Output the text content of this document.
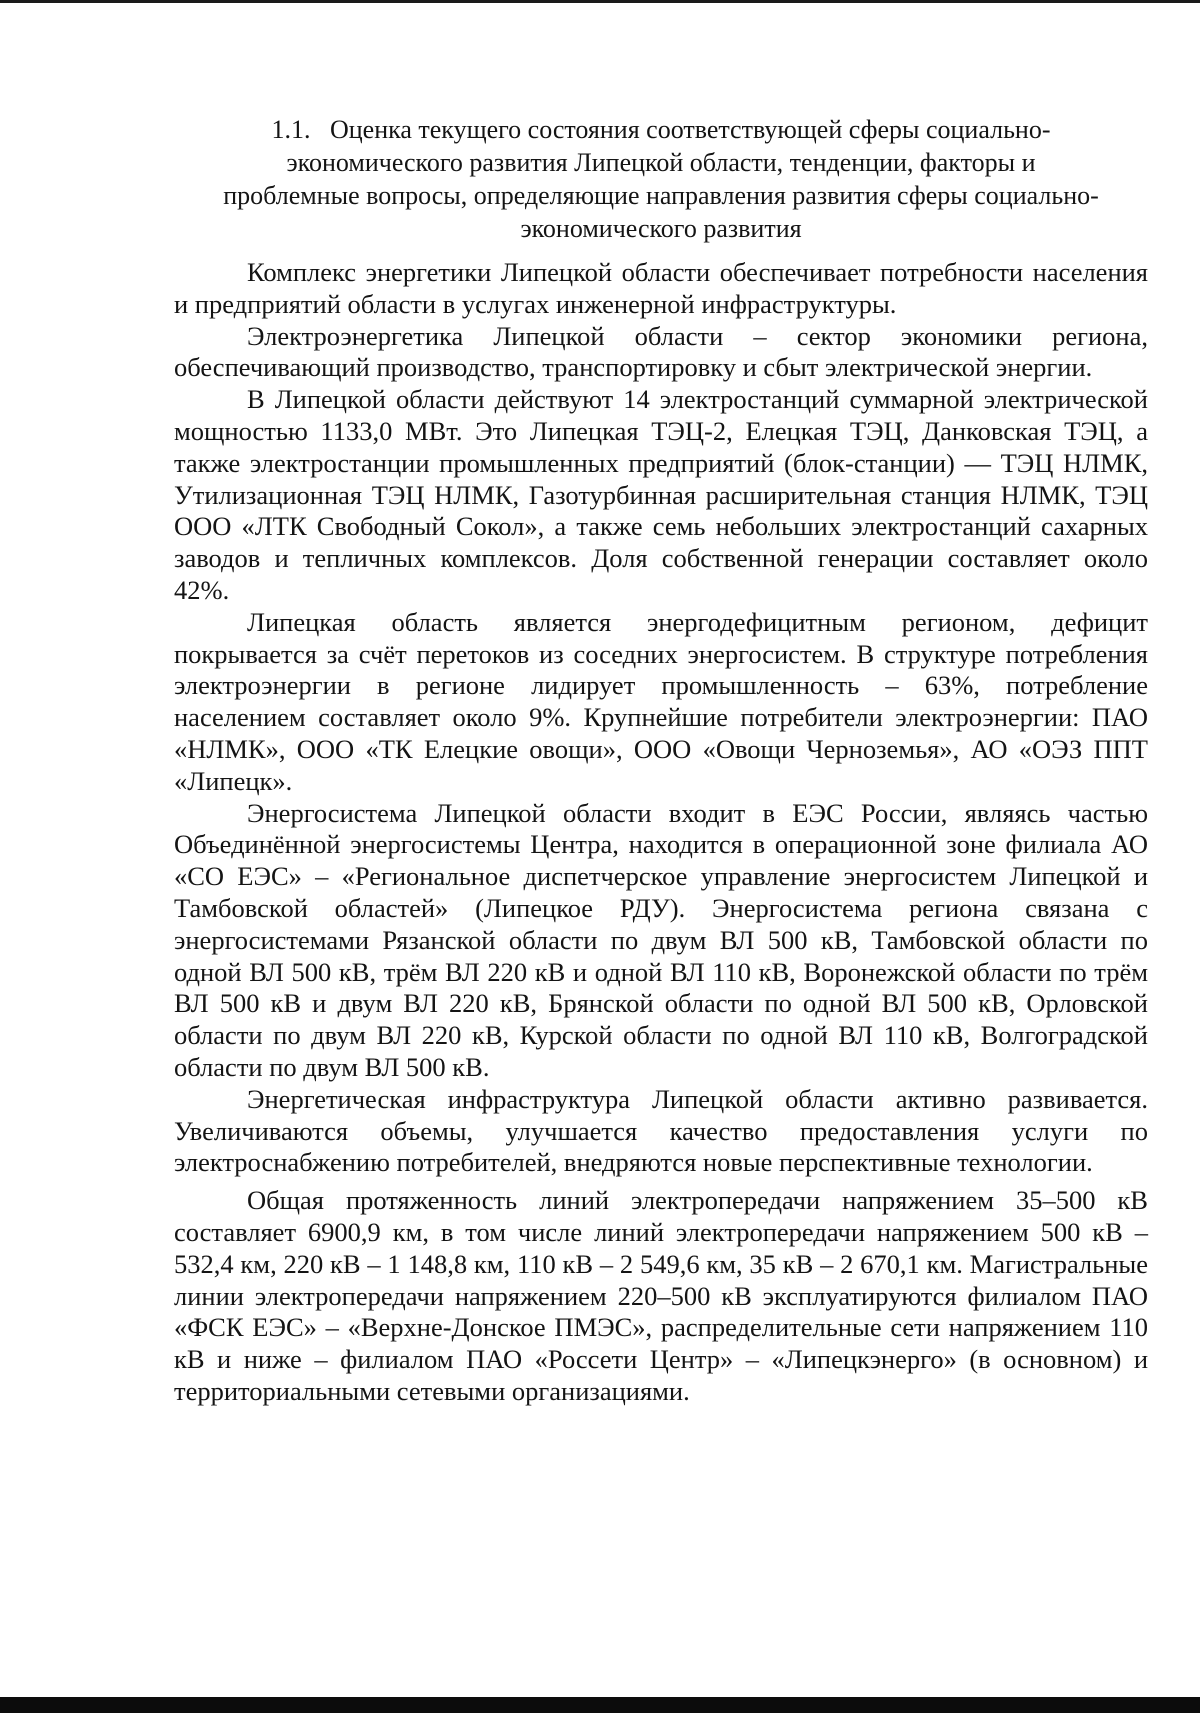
1.1.   Оценка текущего состояния соответствующей сферы социально-
экономического развития Липецкой области, тенденции, факторы и
проблемные вопросы, определяющие направления развития сферы социально-
экономического развития

Комплекс энергетики Липецкой области обеспечивает потребности населения и предприятий области в услугах инженерной инфраструктуры.

Электроэнергетика Липецкой области – сектор экономики региона, обеспечивающий производство, транспортировку и сбыт электрической энергии.

В Липецкой области действуют 14 электростанций суммарной электрической мощностью 1133,0 МВт. Это Липецкая ТЭЦ-2, Елецкая ТЭЦ, Данковская ТЭЦ, а также электростанции промышленных предприятий (блок-станции) — ТЭЦ НЛМК, Утилизационная ТЭЦ НЛМК, Газотурбинная расширительная станция НЛМК, ТЭЦ ООО «ЛТК Свободный Сокол», а также семь небольших электростанций сахарных заводов и тепличных комплексов. Доля собственной генерации составляет около 42%.

Липецкая область является энергодефицитным регионом, дефицит покрывается за счёт перетоков из соседних энергосистем. В структуре потребления электроэнергии в регионе лидирует промышленность – 63%, потребление населением составляет около 9%. Крупнейшие потребители электроэнергии: ПАО «НЛМК», ООО «ТК Елецкие овощи», ООО «Овощи Черноземья», АО «ОЭЗ ППТ «Липецк».

Энергосистема Липецкой области входит в ЕЭС России, являясь частью Объединённой энергосистемы Центра, находится в операционной зоне филиала АО «СО ЕЭС» – «Региональное диспетчерское управление энергосистем Липецкой и Тамбовской областей» (Липецкое РДУ). Энергосистема региона связана с энергосистемами Рязанской области по двум ВЛ 500 кВ, Тамбовской области по одной ВЛ 500 кВ, трём ВЛ 220 кВ и одной ВЛ 110 кВ, Воронежской области по трём ВЛ 500 кВ и двум ВЛ 220 кВ, Брянской области по одной ВЛ 500 кВ, Орловской области по двум ВЛ 220 кВ, Курской области по одной ВЛ 110 кВ, Волгоградской области по двум ВЛ 500 кВ.

Энергетическая инфраструктура Липецкой области активно развивается. Увеличиваются объемы, улучшается качество предоставления услуги по электроснабжению потребителей, внедряются новые перспективные технологии.

Общая протяженность линий электропередачи напряжением 35–500 кВ составляет 6900,9 км, в том числе линий электропередачи напряжением 500 кВ – 532,4 км, 220 кВ – 1 148,8 км, 110 кВ – 2 549,6 км, 35 кВ – 2 670,1 км. Магистральные линии электропередачи напряжением 220–500 кВ эксплуатируются филиалом ПАО «ФСК ЕЭС» – «Верхне-Донское ПМЭС», распределительные сети напряжением 110 кВ и ниже – филиалом ПАО «Россети Центр» – «Липецкэнерго» (в основном) и территориальными сетевыми организациями.
